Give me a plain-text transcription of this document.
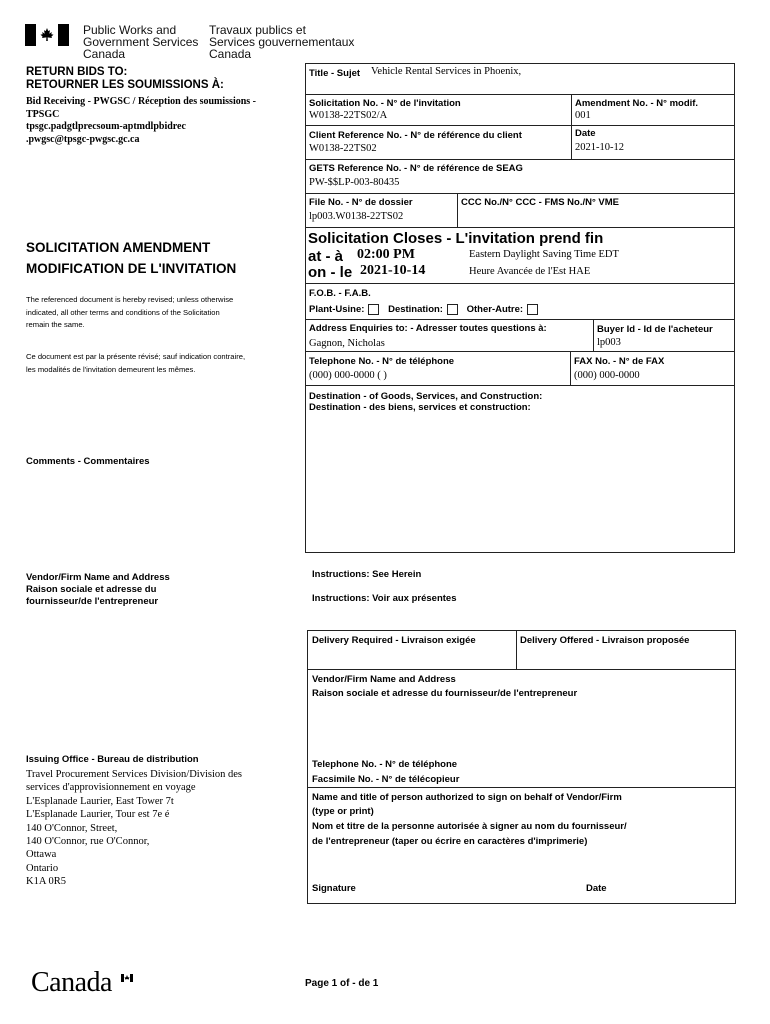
Public Works and
Government Services
Canada
Travaux publics et
Services gouvernementaux
Canada
RETURN BIDS TO:
RETOURNER LES SOUMISSIONS À:
Bid Receiving - PWGSC / Réception des soumissions -
TPSGC
tpsgc.padgtlprecsoum-aptmdlpbidrec
.pwgsc@tpsgc-pwgsc.gc.ca
SOLICITATION AMENDMENT
MODIFICATION DE L'INVITATION
The referenced document is hereby revised; unless otherwise
indicated, all other terms and conditions of the Solicitation
remain the same.
Ce document est par la présente révisé; sauf indication contraire,
les modalités de l'invitation demeurent les mêmes.
Comments - Commentaires
Vendor/Firm Name and Address
Raison sociale et adresse du
fournisseur/de l'entrepreneur
Issuing Office - Bureau de distribution
Travel Procurement Services Division/Division des
services d'approvisionnement en voyage
L'Esplanade Laurier, East Tower 7t
L'Esplanade Laurier, Tour est 7e é
140 O'Connor, Street,
140 O'Connor, rue O'Connor,
Ottawa
Ontario
K1A 0R5
Title - Sujet Vehicle Rental Services in Phoenix,
Solicitation No. - N° de l'invitation
W0138-22TS02/A
Amendment No. - N° modif.
001
Client Reference No. - N° de référence du client
W0138-22TS02
Date
2021-10-12
GETS Reference No. - N° de référence de SEAG
PW-$$LP-003-80435
File No. - N° de dossier
lp003.W0138-22TS02
CCC No./N° CCC - FMS No./N° VME
Solicitation Closes - L'invitation prend fin
at - à 02:00 PM
on - le 2021-10-14
Eastern Daylight Saving Time EDT
Heure Avancée de l'Est HAE
F.O.B. - F.A.B.
Plant-Usine: Destination: Other-Autre:
Address Enquiries to: - Adresser toutes questions à:
Gagnon, Nicholas
Buyer Id - Id de l'acheteur
lp003
Telephone No. - N° de téléphone
(000) 000-0000 ( )
FAX No. - N° de FAX
(000) 000-0000
Destination - of Goods, Services, and Construction:
Destination - des biens, services et construction:
Instructions: See Herein
Instructions: Voir aux présentes
Delivery Required - Livraison exigée	Delivery Offered - Livraison proposée
Vendor/Firm Name and Address
Raison sociale et adresse du fournisseur/de l'entrepreneur
Telephone No. - N° de téléphone
Facsimile No. - N° de télécopieur
Name and title of person authorized to sign on behalf of Vendor/Firm
(type or print)
Nom et titre de la personne autorisée à signer au nom du fournisseur/
de l'entrepreneur (taper ou écrire en caractères d'imprimerie)
Signature	Date
Canada	Page 1 of - de 1
